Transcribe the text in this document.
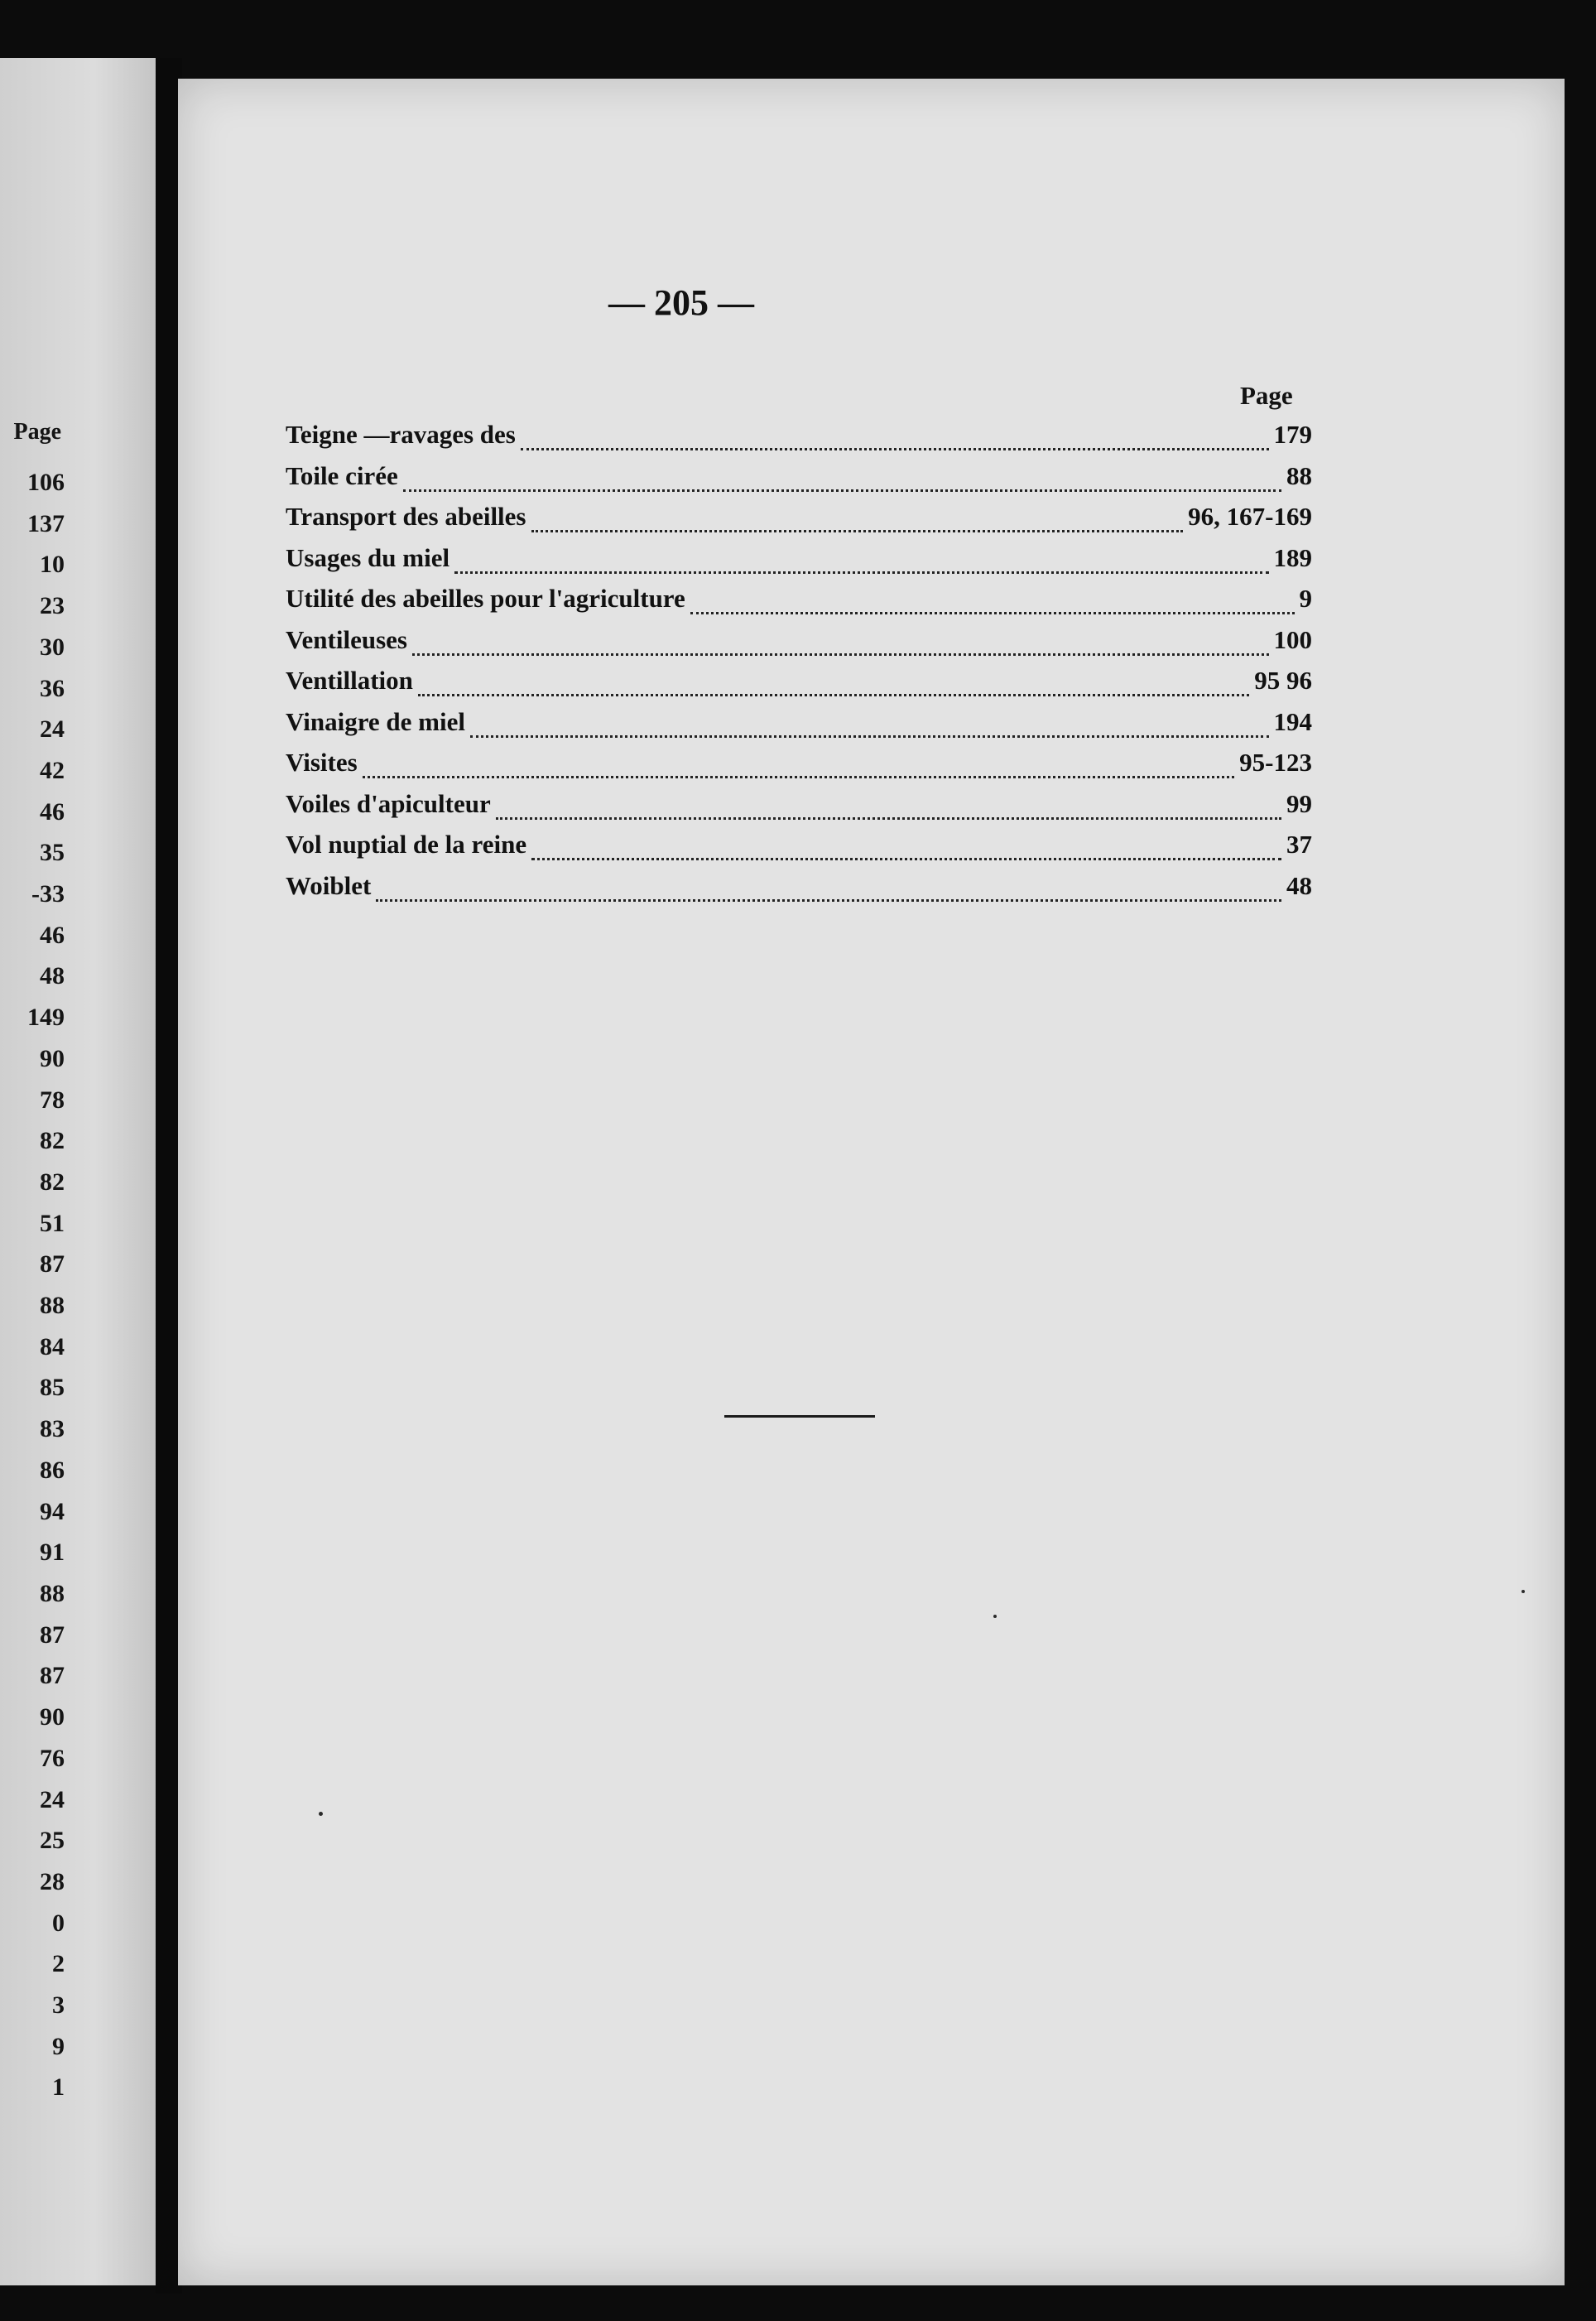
Page
106
137
10
23
30
36
24
42
46
35
-33
46
48
149
90
78
82
82
51
87
88
84
85
83
86
94
91
88
87
87
90
76
24
25
28
0
2
3
9
1
— 205 —
Page
Teigne —ravages des	179
Toile cirée	88
Transport des abeilles	96, 167-169
Usages du miel	189
Utilité des abeilles pour l'agriculture	9
Ventileuses	100
Ventillation	95 96
Vinaigre de miel	194
Visites	95-123
Voiles d'apiculteur	99
Vol nuptial de la reine	37
Woiblet	48
